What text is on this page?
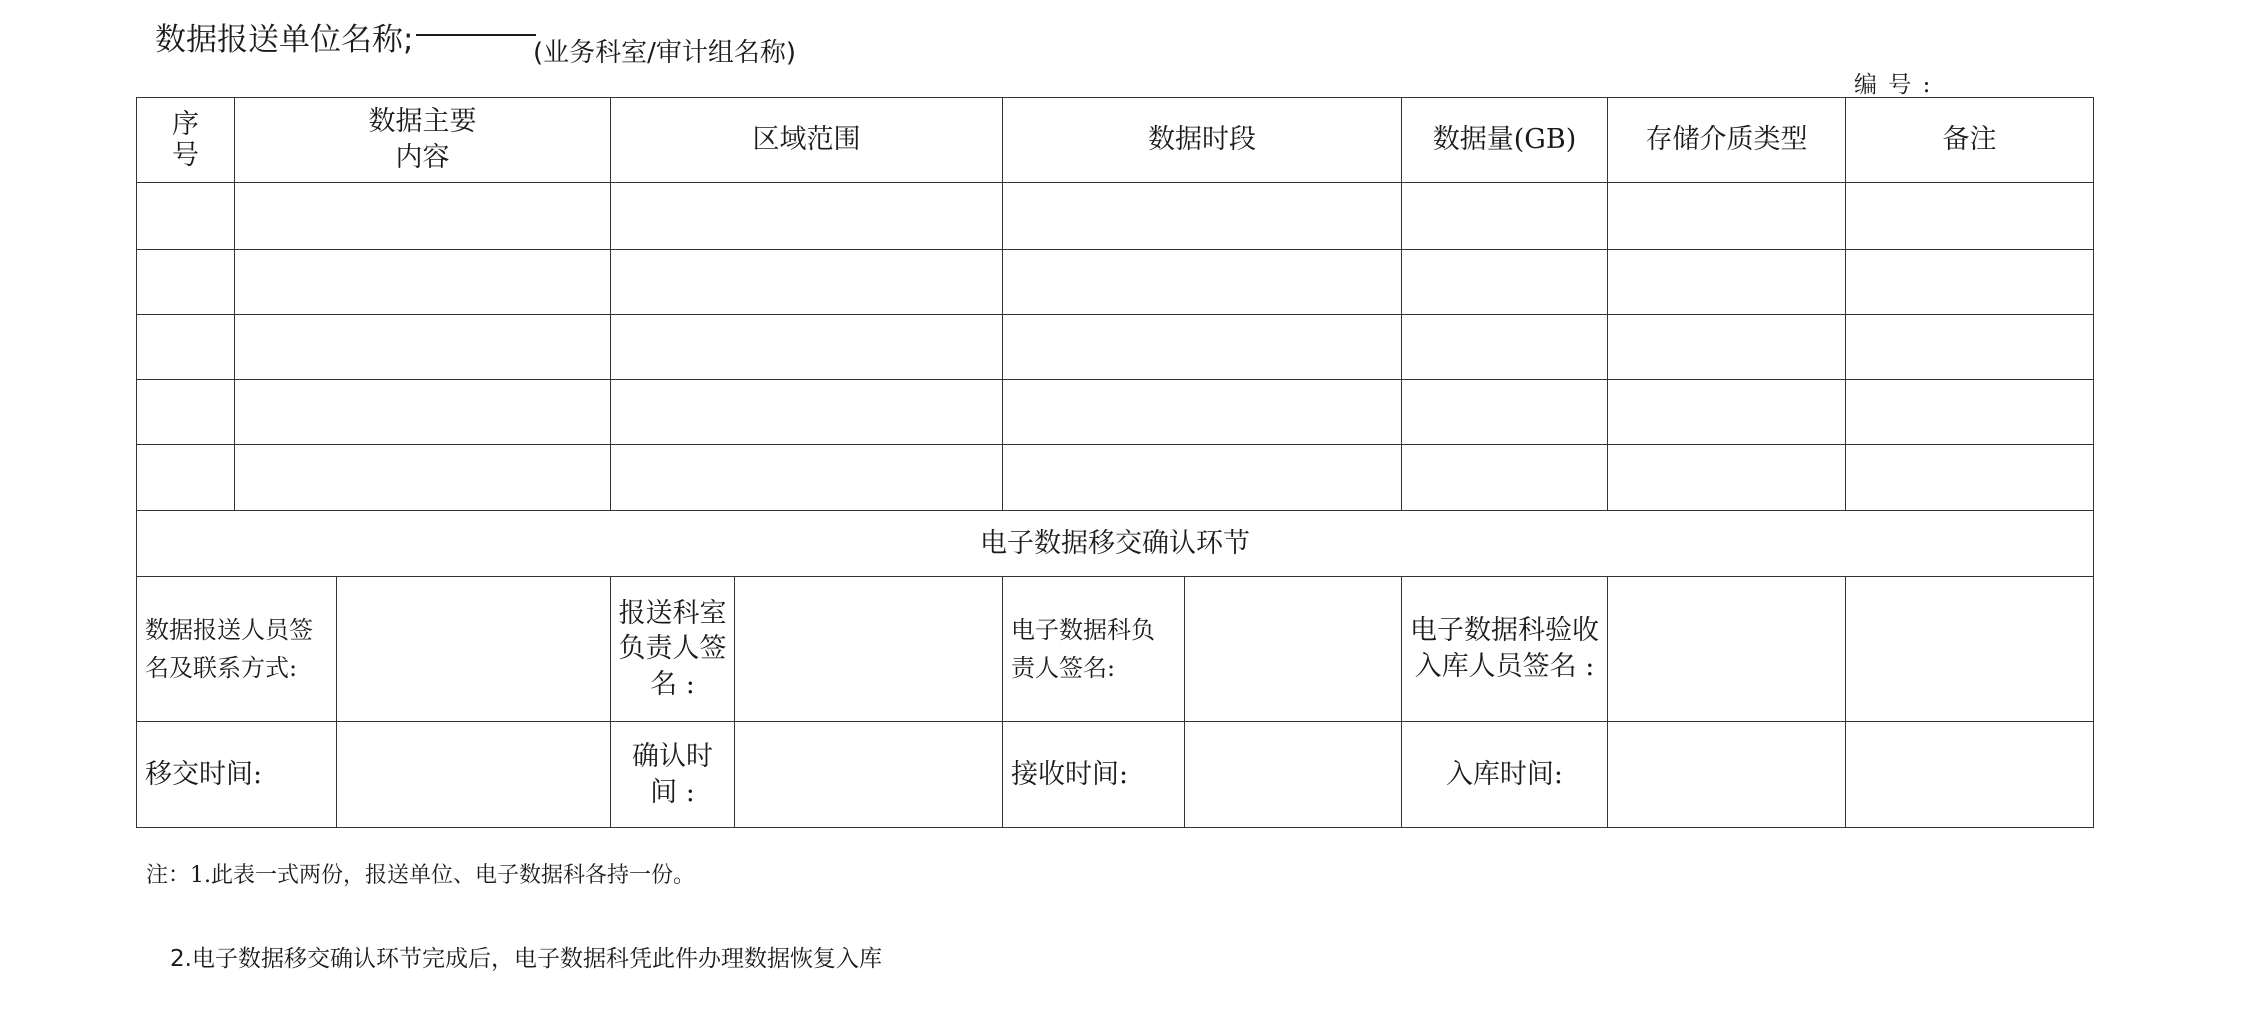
数据报送单位名称;	(业务科室/审计组名称)
编 号 :
序号	数据主要内容		区域范围		数据时段		数据量(GB)	存储介质类型	备注

电子数据移交确认环节									
数据报送人员签名及联系方式:			报送科室负责人签名 :		电子数据科负责人签名:		电子数据科验收入库人员签名 :		
移交时间:			确认时间 :		接收时间:		入库时间:		
注：1.此表一式两份，报送单位、电子数据科各持一份。
2.电子数据移交确认环节完成后，电子数据科凭此件办理数据恢复入库
